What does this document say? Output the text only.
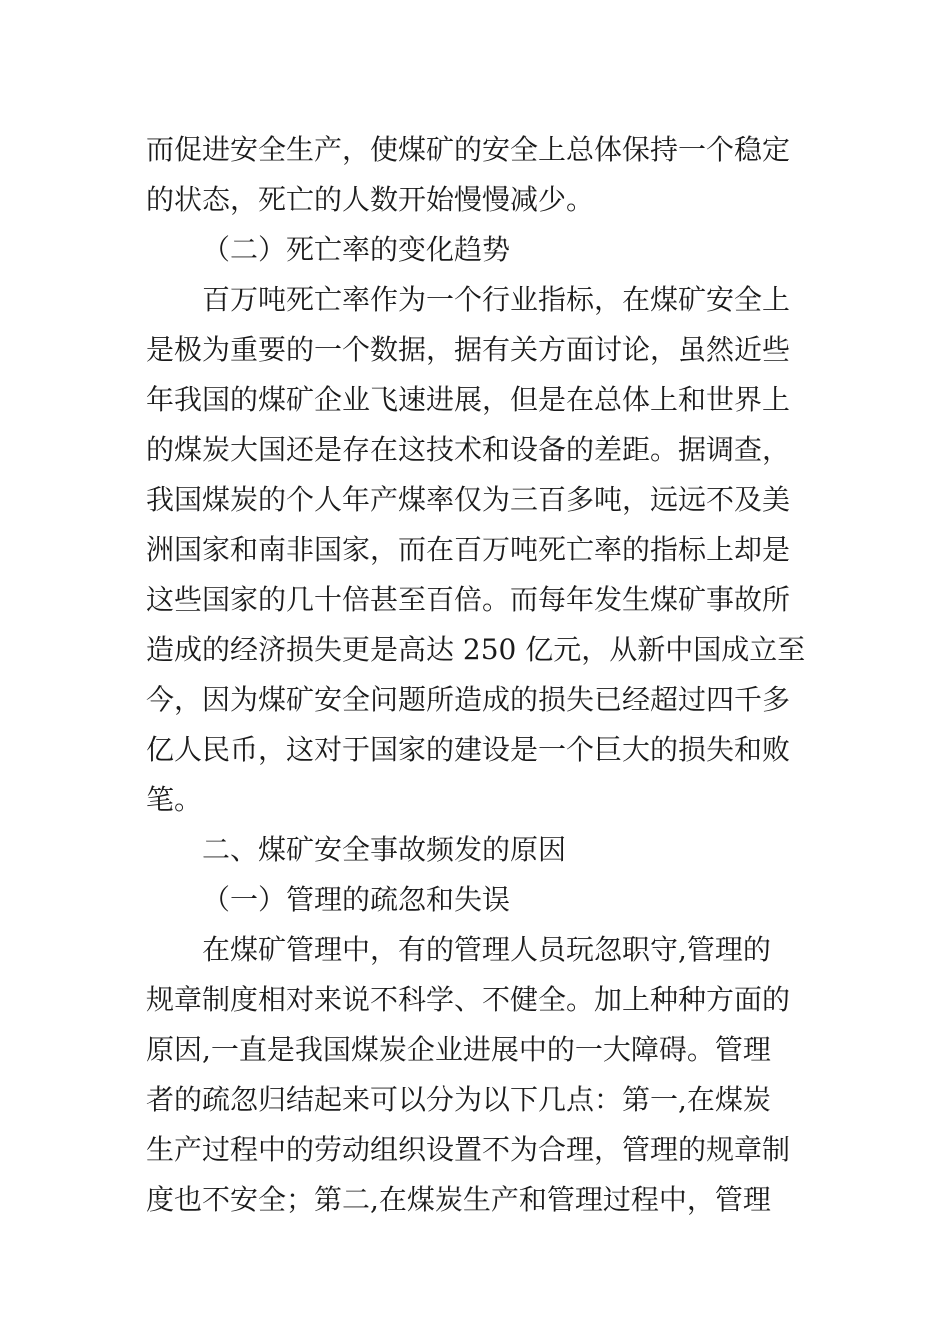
而促进安全生产，使煤矿的安全上总体保持一个稳定
的状态，死亡的人数开始慢慢减少。
（二）死亡率的变化趋势
百万吨死亡率作为一个行业指标，在煤矿安全上
是极为重要的一个数据，据有关方面讨论，虽然近些
年我国的煤矿企业飞速进展，但是在总体上和世界上
的煤炭大国还是存在这技术和设备的差距。据调查，
我国煤炭的个人年产煤率仅为三百多吨，远远不及美
洲国家和南非国家，而在百万吨死亡率的指标上却是
这些国家的几十倍甚至百倍。而每年发生煤矿事故所
造成的经济损失更是高达 250 亿元，从新中国成立至
今，因为煤矿安全问题所造成的损失已经超过四千多
亿人民币，这对于国家的建设是一个巨大的损失和败
笔。
二、煤矿安全事故频发的原因
（一）管理的疏忽和失误
在煤矿管理中，有的管理人员玩忽职守,管理的
规章制度相对来说不科学、不健全。加上种种方面的
原因,一直是我国煤炭企业进展中的一大障碍。管理
者的疏忽归结起来可以分为以下几点：第一,在煤炭
生产过程中的劳动组织设置不为合理，管理的规章制
度也不安全；第二,在煤炭生产和管理过程中，管理
